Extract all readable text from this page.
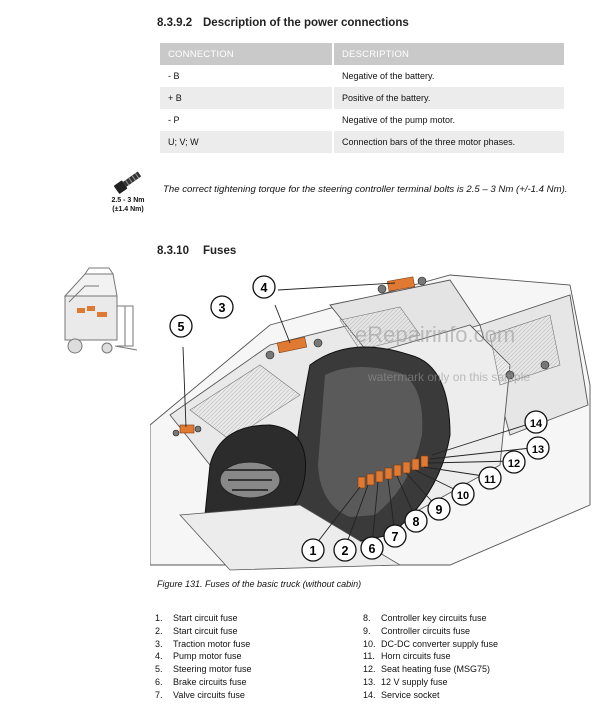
8.3.9.2 Description of the power connections
CONNECTION	DESCRIPTION
- B	Negative of the battery.
+ B	Positive of the battery.
- P	Negative of the pump motor.
U; V; W	Connection bars of the three motor phases.
2.5 - 3 Nm
(±1.4 Nm)
The correct tightening torque for the steering controller terminal bolts is 2.5 – 3 Nm (+/-1.4 Nm).
8.3.10 Fuses
1 2
3
4
5
6
7
8
9
10
11
12
13
14
eRepairinfo.com
watermark only on this sample
Figure 131. Fuses of the basic truck (without cabin)
1.	Start circuit fuse
2.	Start circuit fuse
3.	Traction motor fuse
4.	Pump motor fuse
5.	Steering motor fuse
6.	Brake circuits fuse
7.	Valve circuits fuse
8.	Controller key circuits fuse
9.	Controller circuits fuse
10. DC-DC converter supply fuse
11. Horn circuits fuse
12. Seat heating fuse (MSG75)
13. 12 V supply fuse
14. Service socket
